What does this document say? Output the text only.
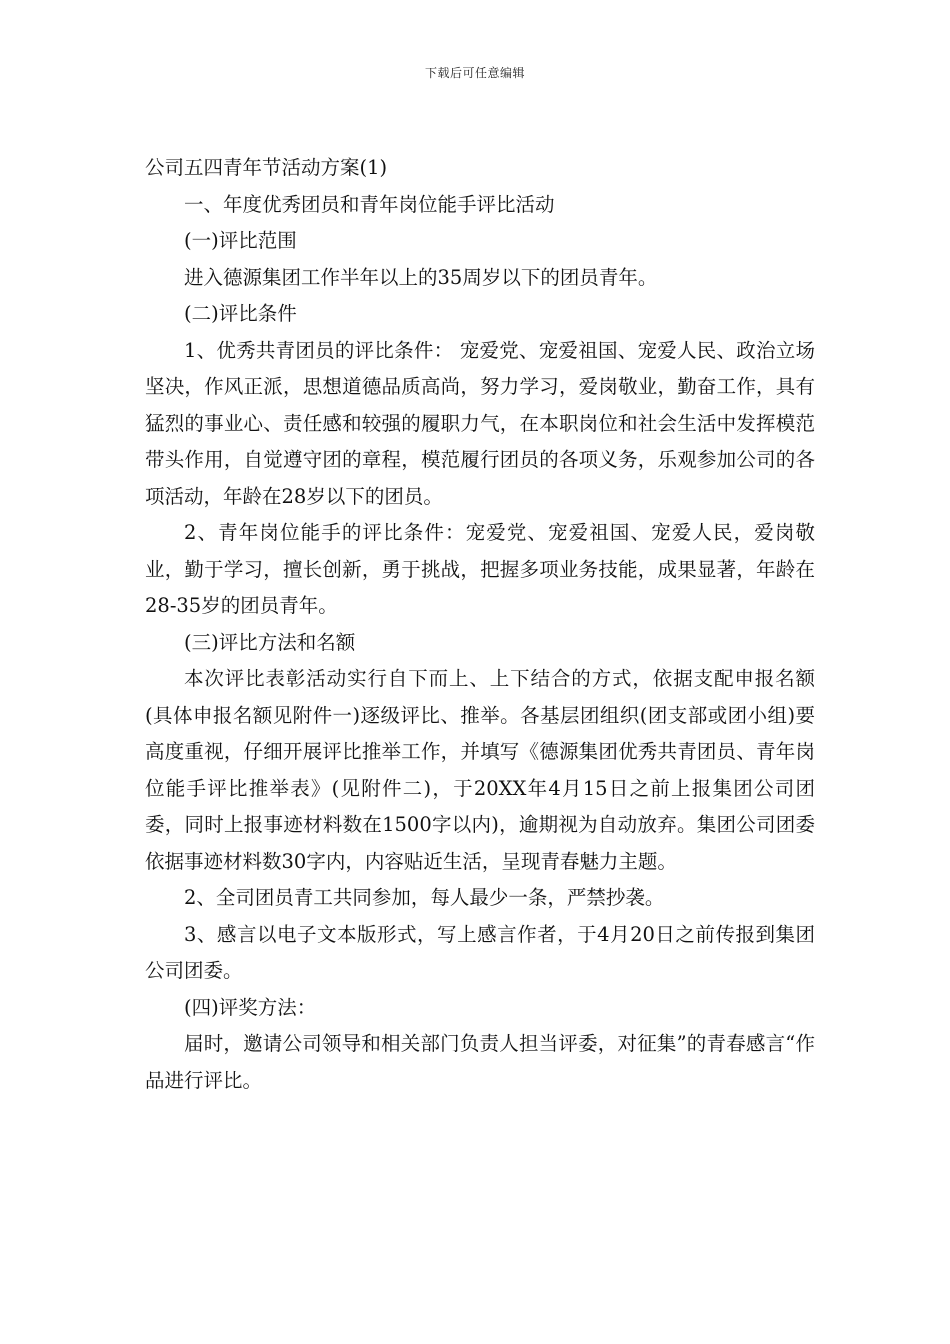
下载后可任意编辑
公司五四青年节活动方案(1)

一、年度优秀团员和青年岗位能手评比活动

(一)评比范围

进入德源集团工作半年以上的35周岁以下的团员青年。

(二)评比条件

1、优秀共青团员的评比条件： 宠爱党、宠爱祖国、宠爱人民、政治立场坚决，作风正派，思想道德品质高尚，努力学习，爱岗敬业，勤奋工作，具有猛烈的事业心、责任感和较强的履职力气，在本职岗位和社会生活中发挥模范带头作用，自觉遵守团的章程，模范履行团员的各项义务，乐观参加公司的各项活动，年龄在28岁以下的团员。

2、青年岗位能手的评比条件：宠爱党、宠爱祖国、宠爱人民，爱岗敬业，勤于学习，擅长创新，勇于挑战，把握多项业务技能，成果显著，年龄在28-35岁的团员青年。

(三)评比方法和名额

本次评比表彰活动实行自下而上、上下结合的方式，依据支配申报名额(具体申报名额见附件一)逐级评比、推举。各基层团组织(团支部或团小组)要高度重视，仔细开展评比推举工作，并填写《德源集团优秀共青团员、青年岗位能手评比推举表》(见附件二)，于20XX年4月15日之前上报集团公司团委，同时上报事迹材料数在1500字以内)，逾期视为自动放弃。集团公司团委依据事迹材料数30字内，内容贴近生活，呈现青春魅力主题。

2、全司团员青工共同参加，每人最少一条，严禁抄袭。

3、感言以电子文本版形式，写上感言作者，于4月20日之前传报到集团公司团委。

(四)评奖方法：

届时，邀请公司领导和相关部门负责人担当评委，对征集”的青春感言“作品进行评比。
